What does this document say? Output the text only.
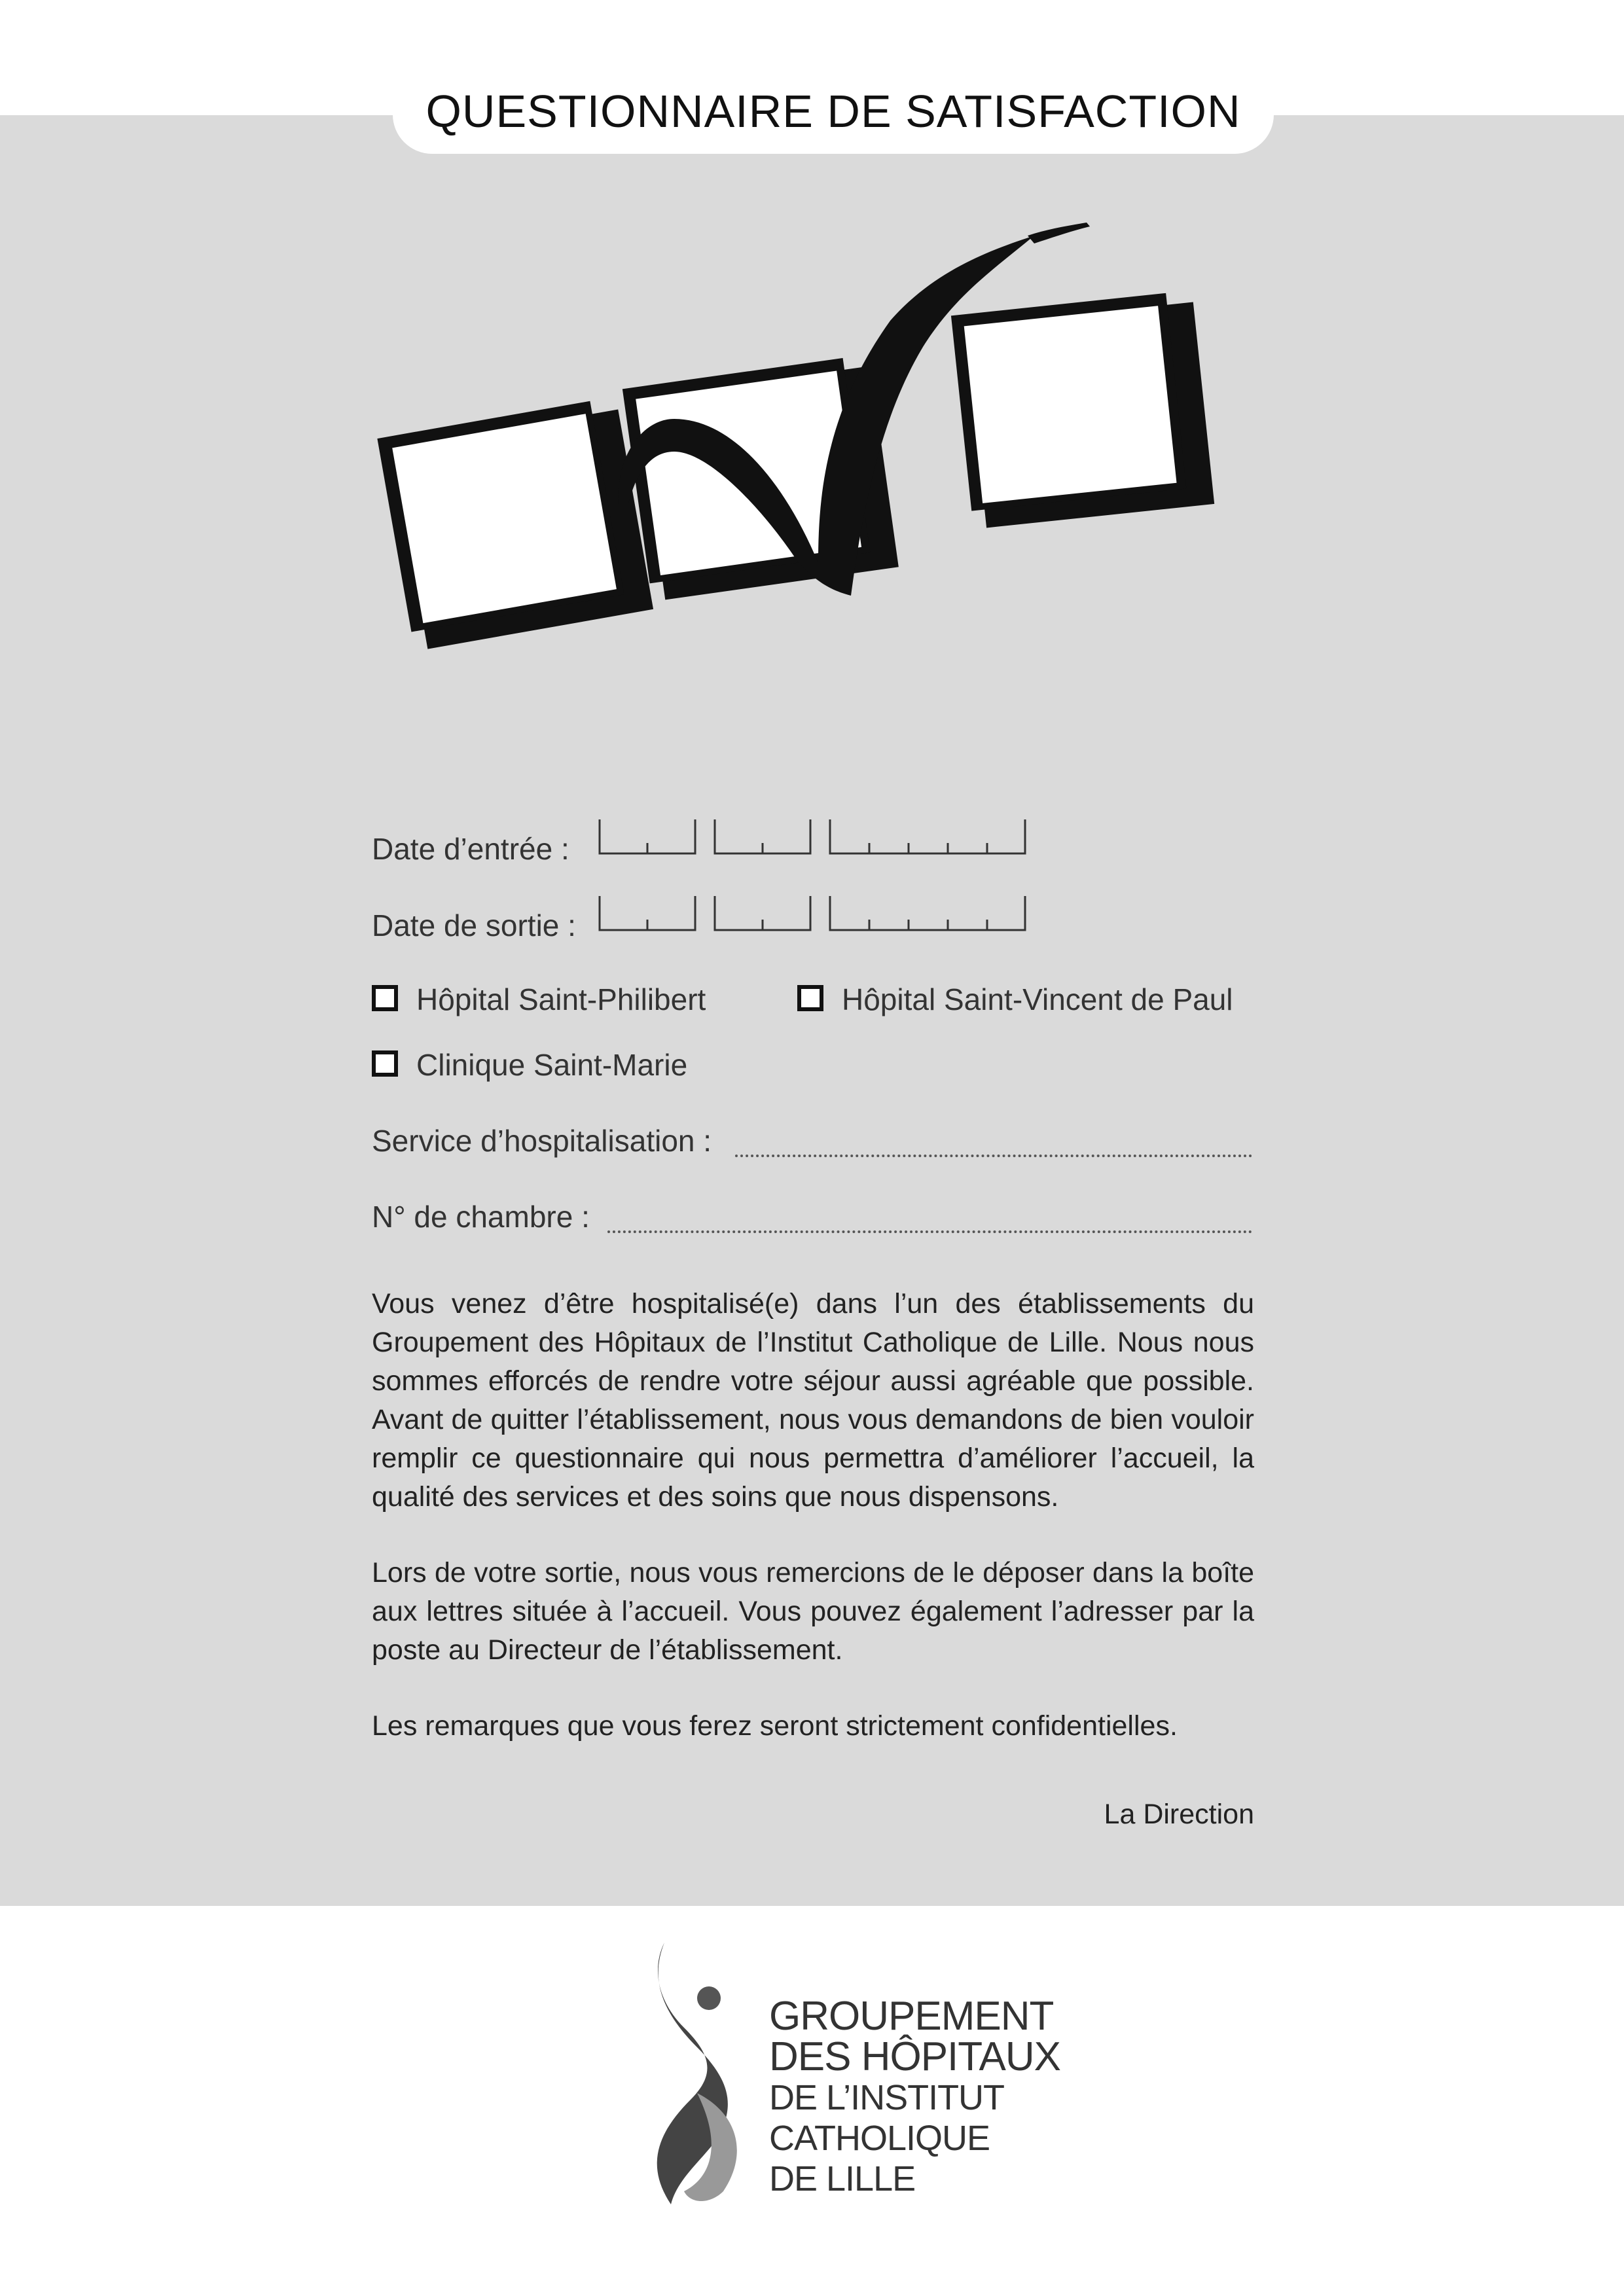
QUESTIONNAIRE DE SATISFACTION
Date d’entrée :
Date de sortie :
Hôpital Saint-Philibert	Hôpital Saint-Vincent de Paul
Clinique Saint-Marie
Service d’hospitalisation :
N° de chambre :

Vous venez d’être hospitalisé(e) dans l’un des établissements du Groupement des Hôpitaux de l’Institut Catholique de Lille. Nous nous sommes efforcés de rendre votre séjour aussi agréable que possible. Avant de quitter l’établissement, nous vous demandons de bien vouloir remplir ce questionnaire qui nous permettra d’améliorer l’accueil, la qualité des services et des soins que nous dispensons.

Lors de votre sortie, nous vous remercions de le déposer dans la boîte aux lettres située à l’accueil. Vous pouvez également l’adresser par la poste au Directeur de l’établissement.

Les remarques que vous ferez seront strictement confidentielles.

La Direction
GROUPEMENT
DES HÔPITAUX
DE L’INSTITUT
CATHOLIQUE
DE LILLE
